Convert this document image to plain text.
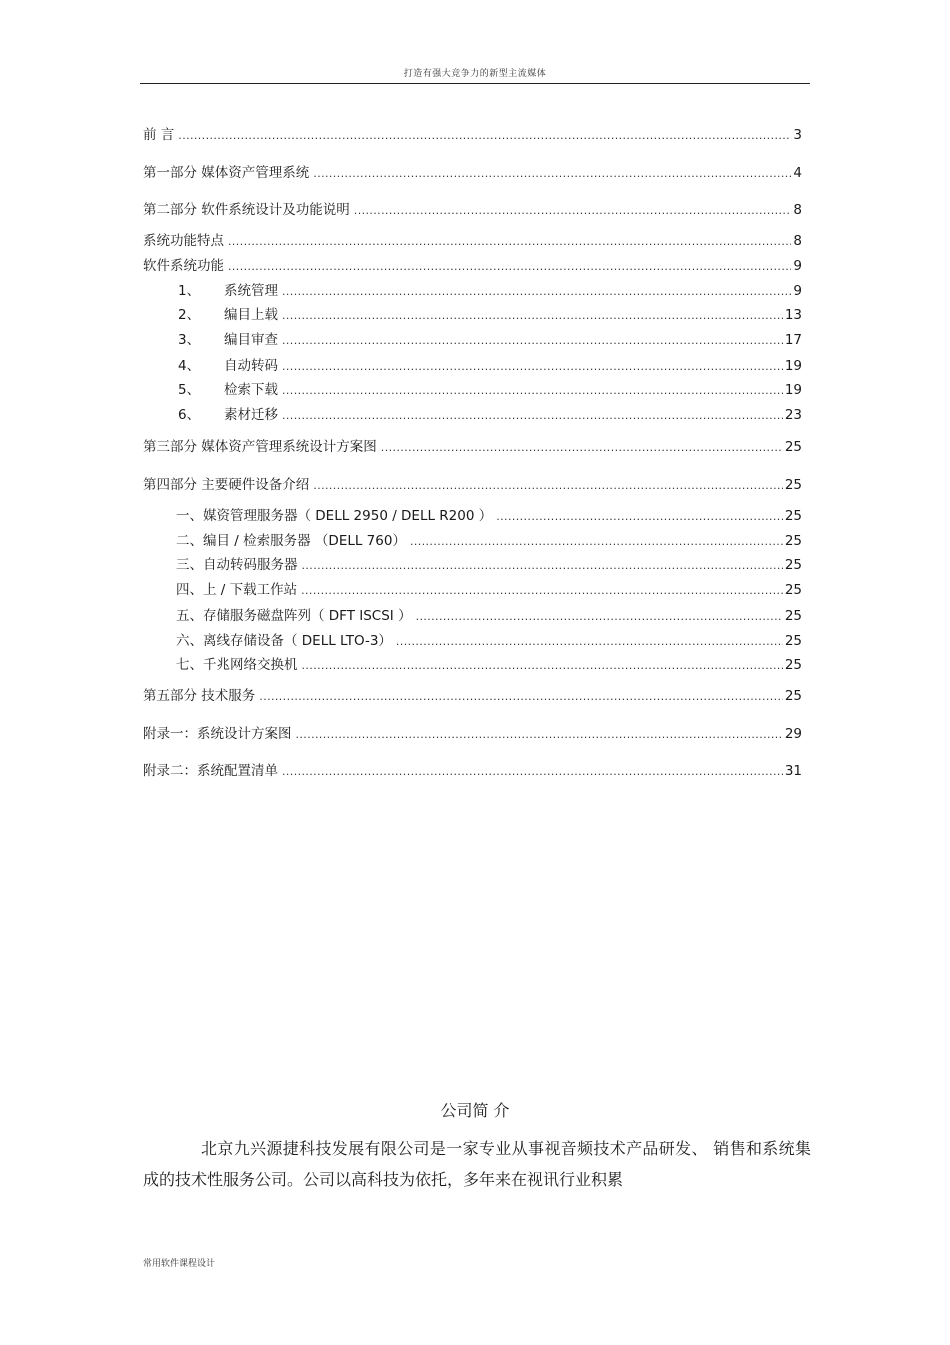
打造有强大竞争力的新型主流媒体
前 言 .....	3
第一部分 媒体资产管理系统 .....	4
第二部分 软件系统设计及功能说明 .....	8
系统功能特点 .....	8
软件系统功能 .....	9
1、 系统管理 .....	9
2、 编目上载 .....	13
3、 编目审查 .....	17
4、 自动转码 .....	19
5、 检索下载 .....	19
6、 素材迁移 .....	23
第三部分 媒体资产管理系统设计方案图 .....	25
第四部分 主要硬件设备介绍 .....	25
一、媒资管理服务器（ DELL 2950 / DELL R200 ） .....	25
二、编目 / 检索服务器 （DELL 760） .....	25
三、自动转码服务器 .....	25
四、上 / 下载工作站 .....	25
五、存储服务磁盘阵列（ DFT ISCSI ） .....	25
六、离线存储设备（ DELL LTO-3） .....	25
七、千兆网络交换机 .....	25
第五部分 技术服务 .....	25
附录一：系统设计方案图 .....	29
附录二：系统配置清单 .....	31
公司简 介
北京九兴源捷科技发展有限公司是一家专业从事视音频技术产品研发、 销售和系统集成的技术性服务公司。公司以高科技为依托，多年来在视讯行业积累
常用软件课程设计
